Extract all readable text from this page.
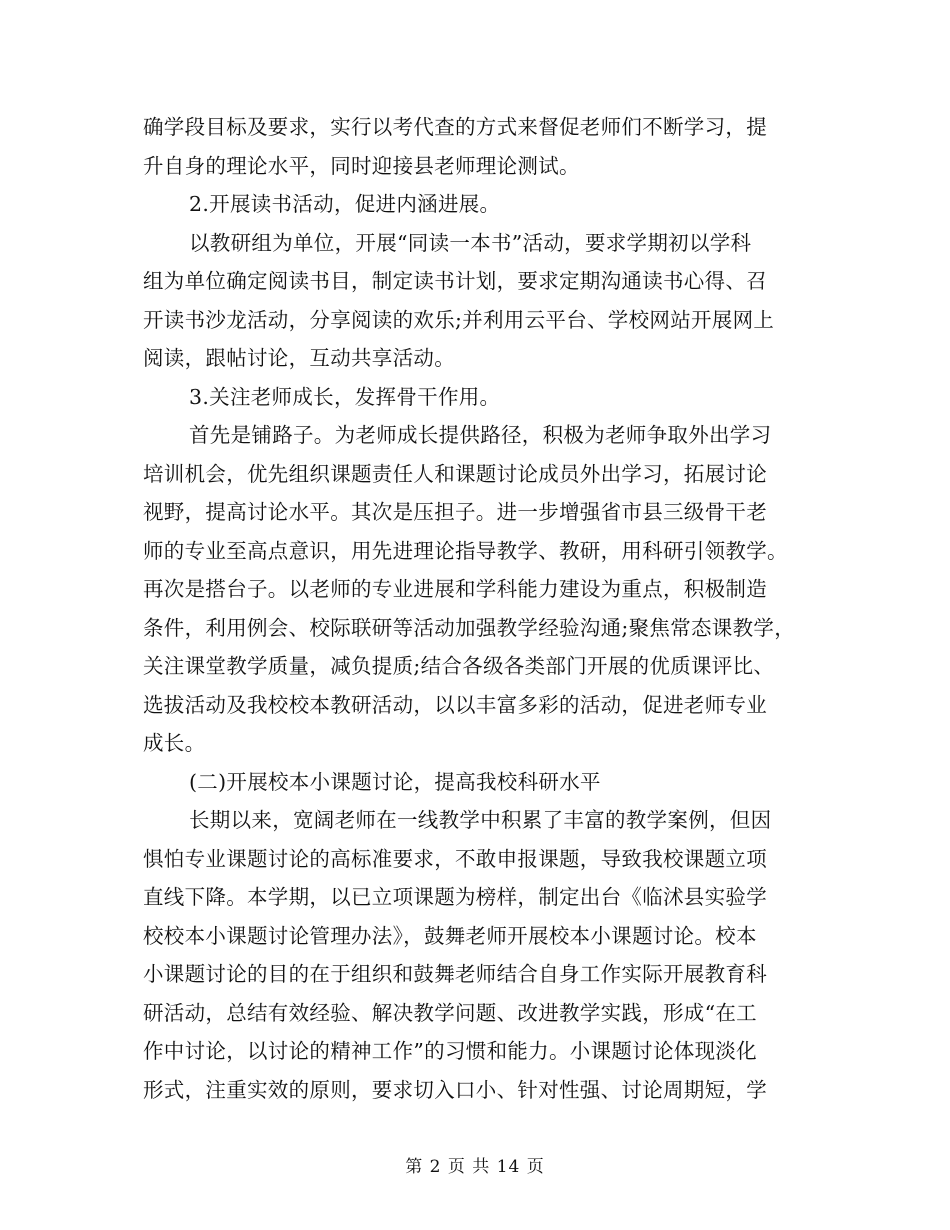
确学段目标及要求，实行以考代查的方式来督促老师们不断学习，提
升自身的理论水平，同时迎接县老师理论测试。
2.开展读书活动，促进内涵进展。
以教研组为单位，开展“同读一本书”活动，要求学期初以学科
组为单位确定阅读书目，制定读书计划，要求定期沟通读书心得、召
开读书沙龙活动，分享阅读的欢乐;并利用云平台、学校网站开展网上
阅读，跟帖讨论，互动共享活动。
3.关注老师成长，发挥骨干作用。
首先是铺路子。为老师成长提供路径，积极为老师争取外出学习
培训机会，优先组织课题责任人和课题讨论成员外出学习，拓展讨论
视野，提高讨论水平。其次是压担子。进一步增强省市县三级骨干老
师的专业至高点意识，用先进理论指导教学、教研，用科研引领教学。
再次是搭台子。以老师的专业进展和学科能力建设为重点，积极制造
条件，利用例会、校际联研等活动加强教学经验沟通;聚焦常态课教学，
关注课堂教学质量，减负提质;结合各级各类部门开展的优质课评比、
选拔活动及我校校本教研活动，以以丰富多彩的活动，促进老师专业
成长。
(二)开展校本小课题讨论，提高我校科研水平
长期以来，宽阔老师在一线教学中积累了丰富的教学案例，但因
惧怕专业课题讨论的高标准要求，不敢申报课题，导致我校课题立项
直线下降。本学期，以已立项课题为榜样，制定出台《临沭县实验学
校校本小课题讨论管理办法》，鼓舞老师开展校本小课题讨论。校本
小课题讨论的目的在于组织和鼓舞老师结合自身工作实际开展教育科
研活动，总结有效经验、解决教学问题、改进教学实践，形成“在工
作中讨论，以讨论的精神工作”的习惯和能力。小课题讨论体现淡化
形式，注重实效的原则，要求切入口小、针对性强、讨论周期短，学
第 2 页 共 14 页
